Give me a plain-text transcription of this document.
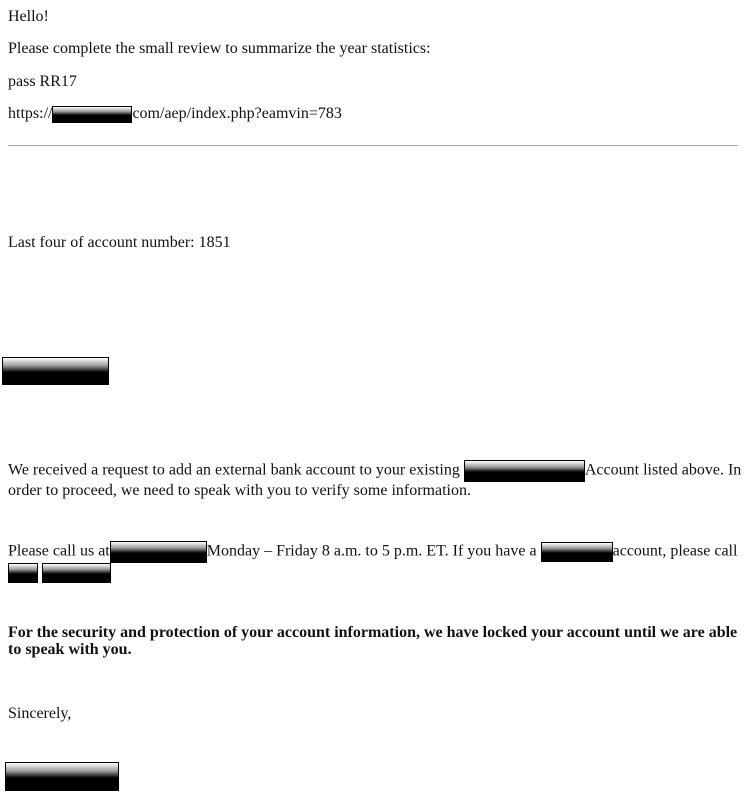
Hello!
Please complete the small review to summarize the year statistics:
pass RR17
https://	com/aep/index.php?eamvin=783
Last four of account number: 1851
We received a request to add an external bank account to your existing	Account listed above. In order to proceed, we need to speak with you to verify some information.
Please call us at	Monday – Friday 8 a.m. to 5 p.m. ET. If you have a	account, please call
For the security and protection of your account information, we have locked your account until we are able to speak with you.
Sincerely,
